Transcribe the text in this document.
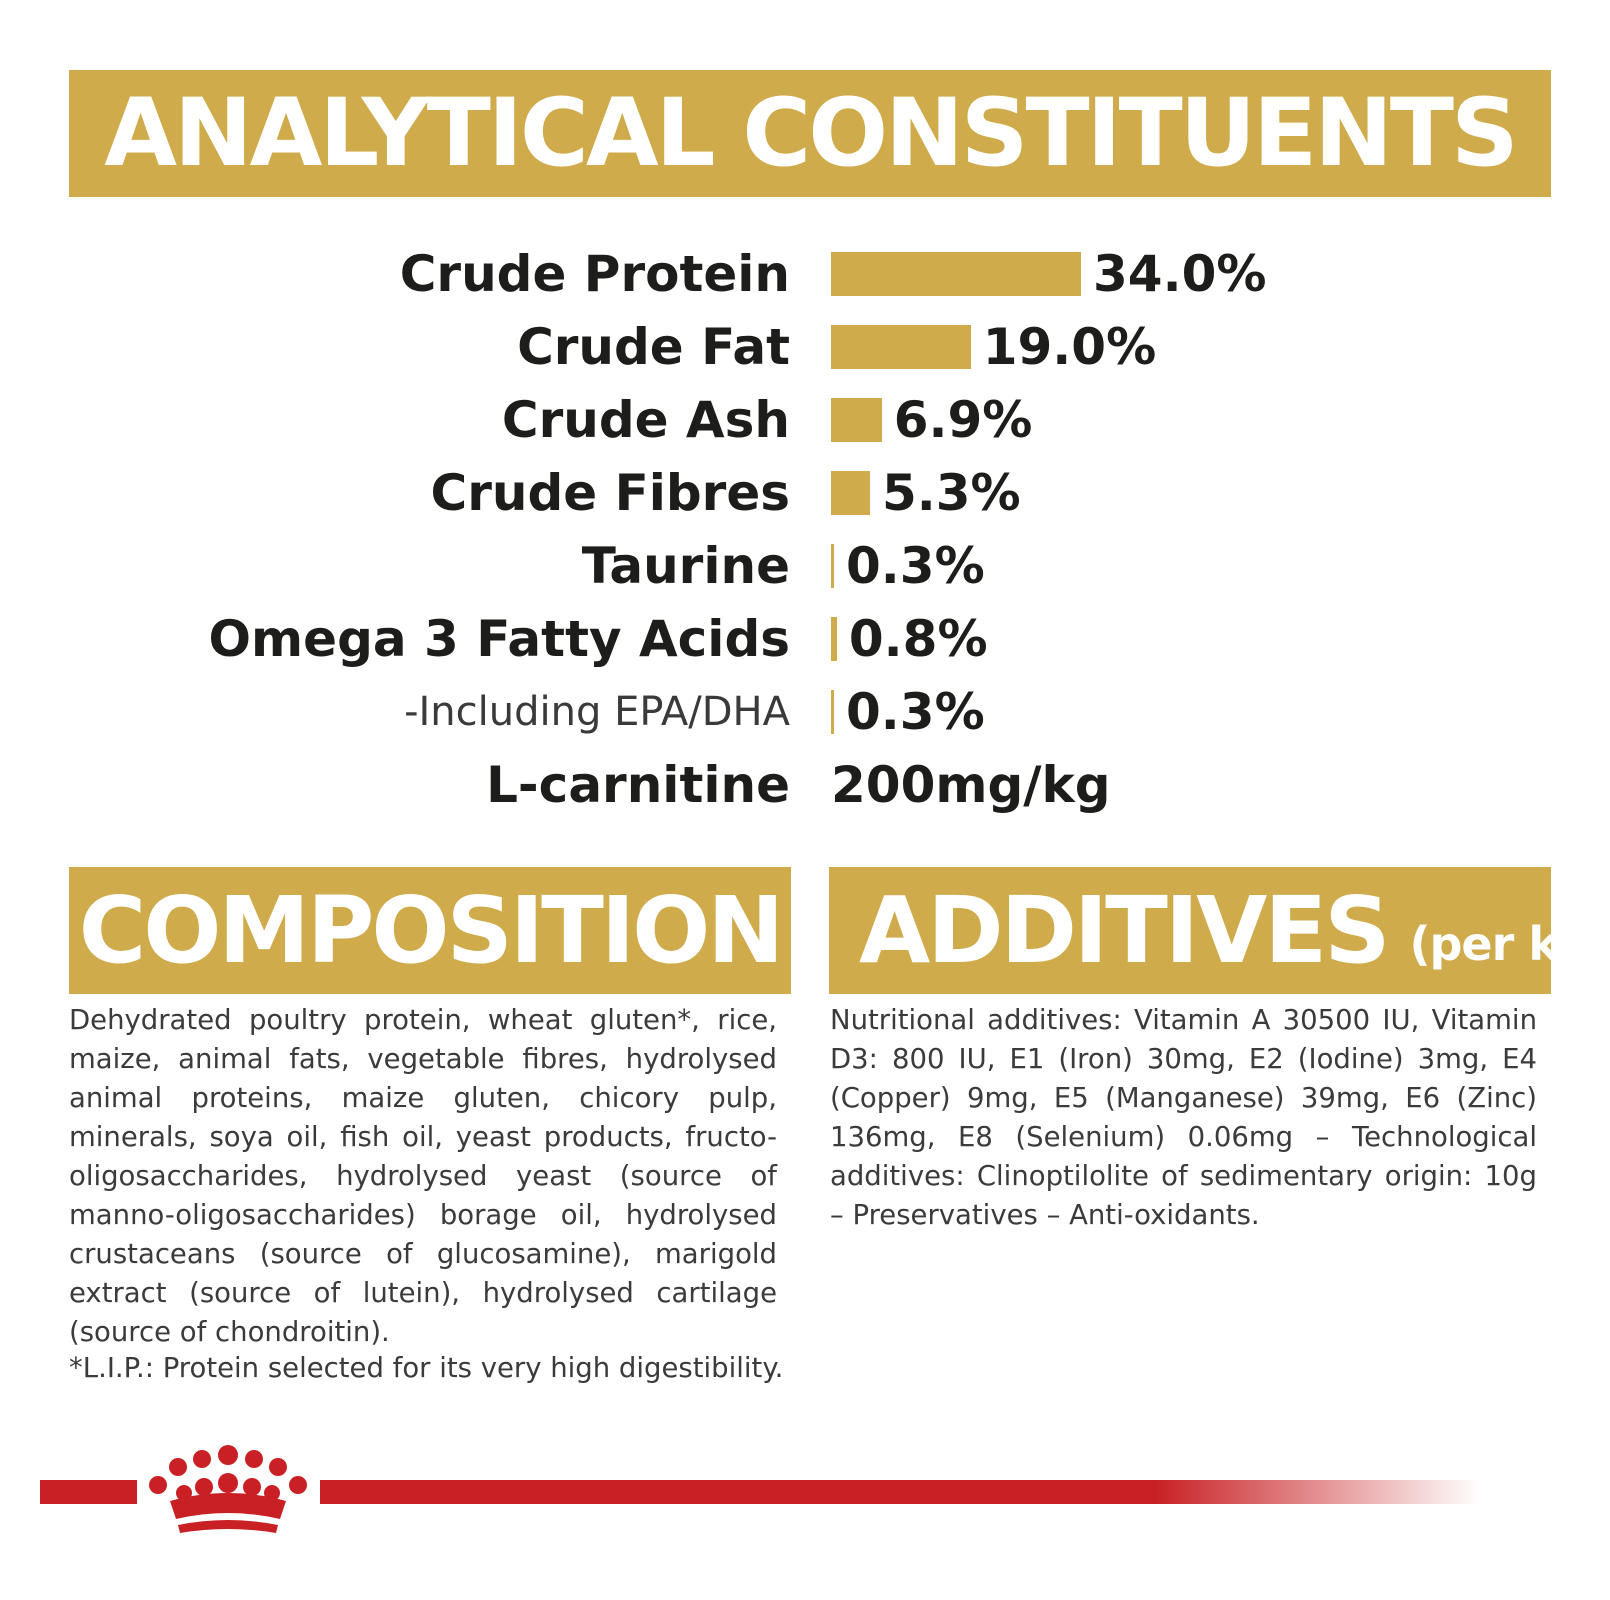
ANALYTICAL CONSTITUENTS
Crude Protein	34.0%
Crude Fat	19.0%
Crude Ash 6.9%
Crude Fibres 5.3%
Taurine 0.3%
Omega 3 Fatty Acids 0.8%
-Including EPA/DHA 0.3%
L-carnitine 200mg/kg
COMPOSITION ADDITIVES (per kg)
Dehydrated poultry protein, wheat gluten*, rice, maize, animal fats, vegetable fibres, hydrolysed animal proteins, maize gluten, chicory pulp, minerals, soya oil, fish oil, yeast products, fructo-oligosaccharides, hydrolysed yeast (source of manno-oligosaccharides) borage oil, hydrolysed crustaceans (source of glucosamine), marigold extract (source of lutein), hydrolysed cartilage (source of chondroitin).
*L.I.P.: Protein selected for its very high digestibility.
Nutritional additives: Vitamin A 30500 IU, Vitamin D3: 800 IU, E1 (Iron) 30mg, E2 (Iodine) 3mg, E4 (Copper) 9mg, E5 (Manganese) 39mg, E6 (Zinc) 136mg, E8 (Selenium) 0.06mg – Technological additives: Clinoptilolite of sedimentary origin: 10g – Preservatives – Anti-oxidants.
